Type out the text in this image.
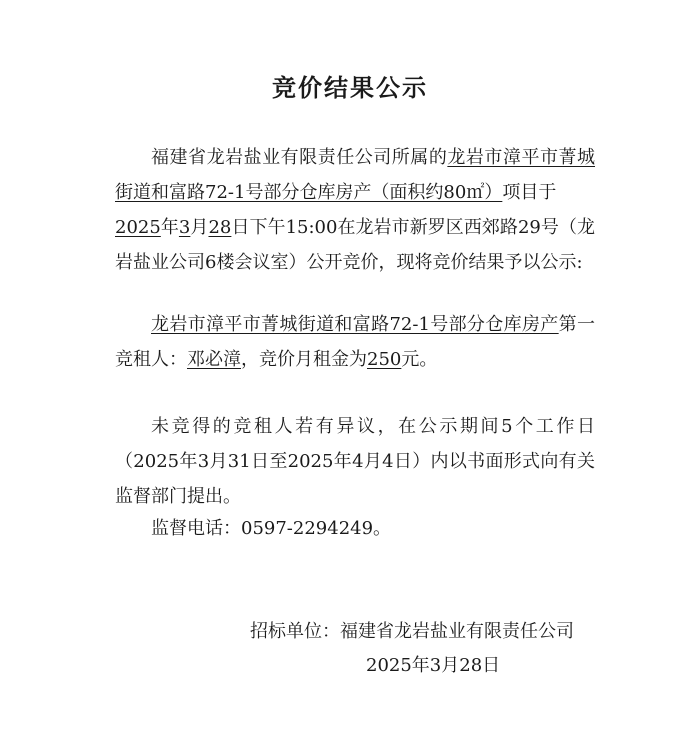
竞价结果公示

福建省龙岩盐业有限责任公司所属的龙岩市漳平市菁城街道和富路72-1号部分仓库房产（面积约80㎡）项目于
2025年3月28日下午15:00在龙岩市新罗区西郊路29号（龙岩盐业公司6楼会议室）公开竞价，现将竞价结果予以公示:

龙岩市漳平市菁城街道和富路72-1号部分仓库房产第一竞租人：邓必漳，竞价月租金为250元。

未竞得的竞租人若有异议，在公示期间5个工作日（2025年3月31日至2025年4月4日）内以书面形式向有关监督部门提出。

监督电话：0597-2294249。

招标单位：福建省龙岩盐业有限责任公司
2025年3月28日
